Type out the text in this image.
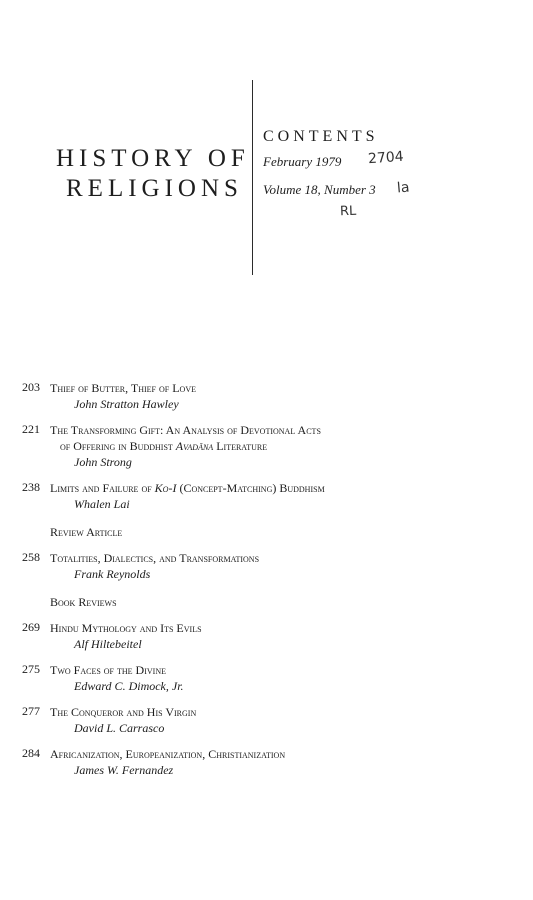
HISTORY OF
RELIGIONS
CONTENTS
February 1979
Volume 18, Number 3
2704
la
RL
203 Thief of Butter, Thief of Love
John Stratton Hawley
221 The Transforming Gift: An Analysis of Devotional Acts
of Offering in Buddhist Avadāna Literature
John Strong
238 Limits and Failure of Ko-I (Concept-Matching) Buddhism
Whalen Lai
Review Article
258 Totalities, Dialectics, and Transformations
Frank Reynolds
Book Reviews
269 Hindu Mythology and Its Evils
Alf Hiltebeitel
275 Two Faces of the Divine
Edward C. Dimock, Jr.
277 The Conqueror and His Virgin
David L. Carrasco
284 Africanization, Europeanization, Christianization
James W. Fernandez
